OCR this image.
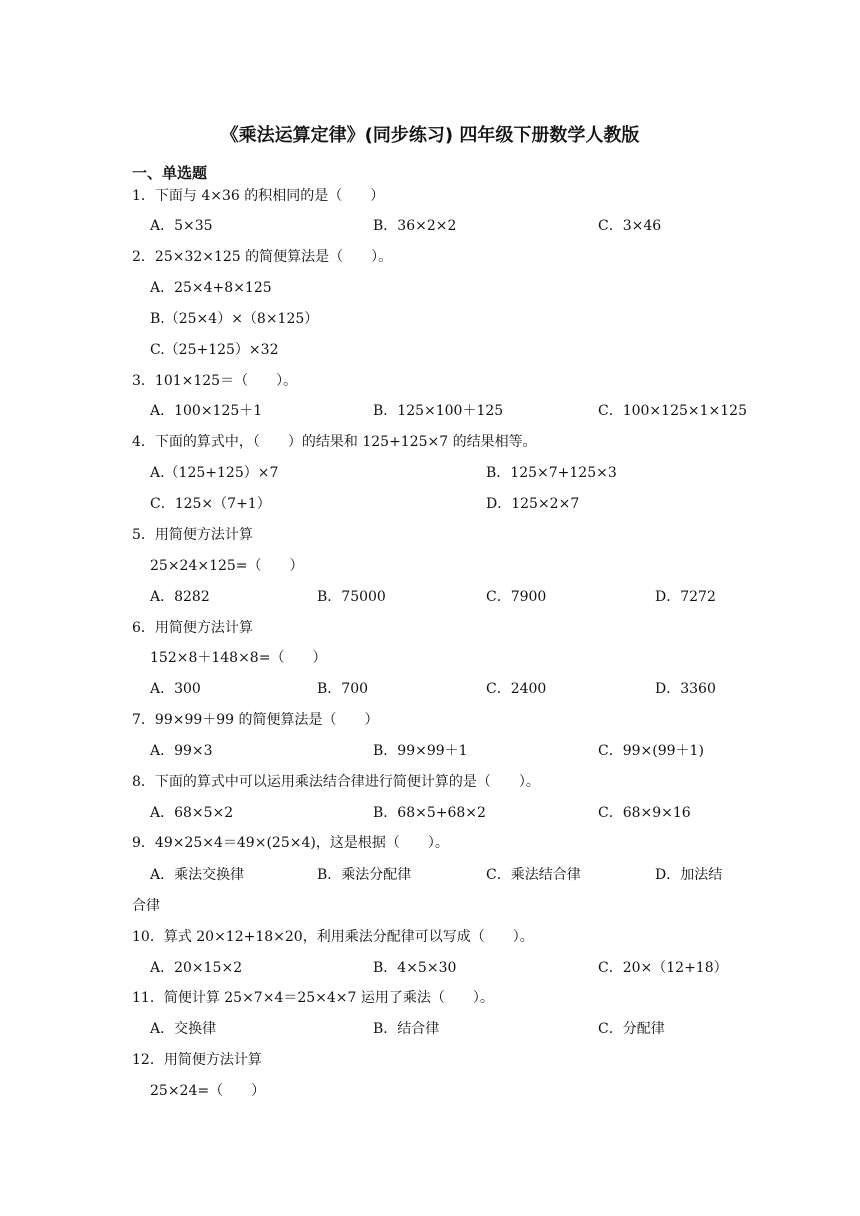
《乘法运算定律》(同步练习) 四年级下册数学人教版
一、单选题
1．下面与 4×36 的积相同的是（　　）
A．5×35	B．36×2×2	C．3×46
2．25×32×125 的简便算法是（　　）。
A．25×4+8×125
B.（25×4）×（8×125）
C.（25+125）×32
3．101×125＝（　　）。
A．100×125＋1	B．125×100＋125	C．100×125×1×125
4．下面的算式中，（　　）的结果和 125+125×7 的结果相等。
A.（125+125）×7	B．125×7+125×3
C．125×（7+1）	D．125×2×7
5．用简便方法计算
25×24×125=（　　）
A．8282	B．75000	C．7900	D．7272
6．用简便方法计算
152×8＋148×8=（　　）
A．300	B．700	C．2400	D．3360
7．99×99＋99 的简便算法是（　　）
A．99×3	B．99×99＋1	C．99×(99＋1)
8．下面的算式中可以运用乘法结合律进行简便计算的是（　　）。
A．68×5×2	B．68×5+68×2	C．68×9×16
9．49×25×4＝49×(25×4)，这是根据（　　）。
A．乘法交换律	B．乘法分配律	C．乘法结合律	D．加法结
合律
10．算式 20×12+18×20，利用乘法分配律可以写成（　　）。
A．20×15×2	B．4×5×30	C．20×（12+18）
11．简便计算 25×7×4＝25×4×7 运用了乘法（　　）。
A．交换律	B．结合律	C．分配律
12．用简便方法计算
25×24=（　　）
